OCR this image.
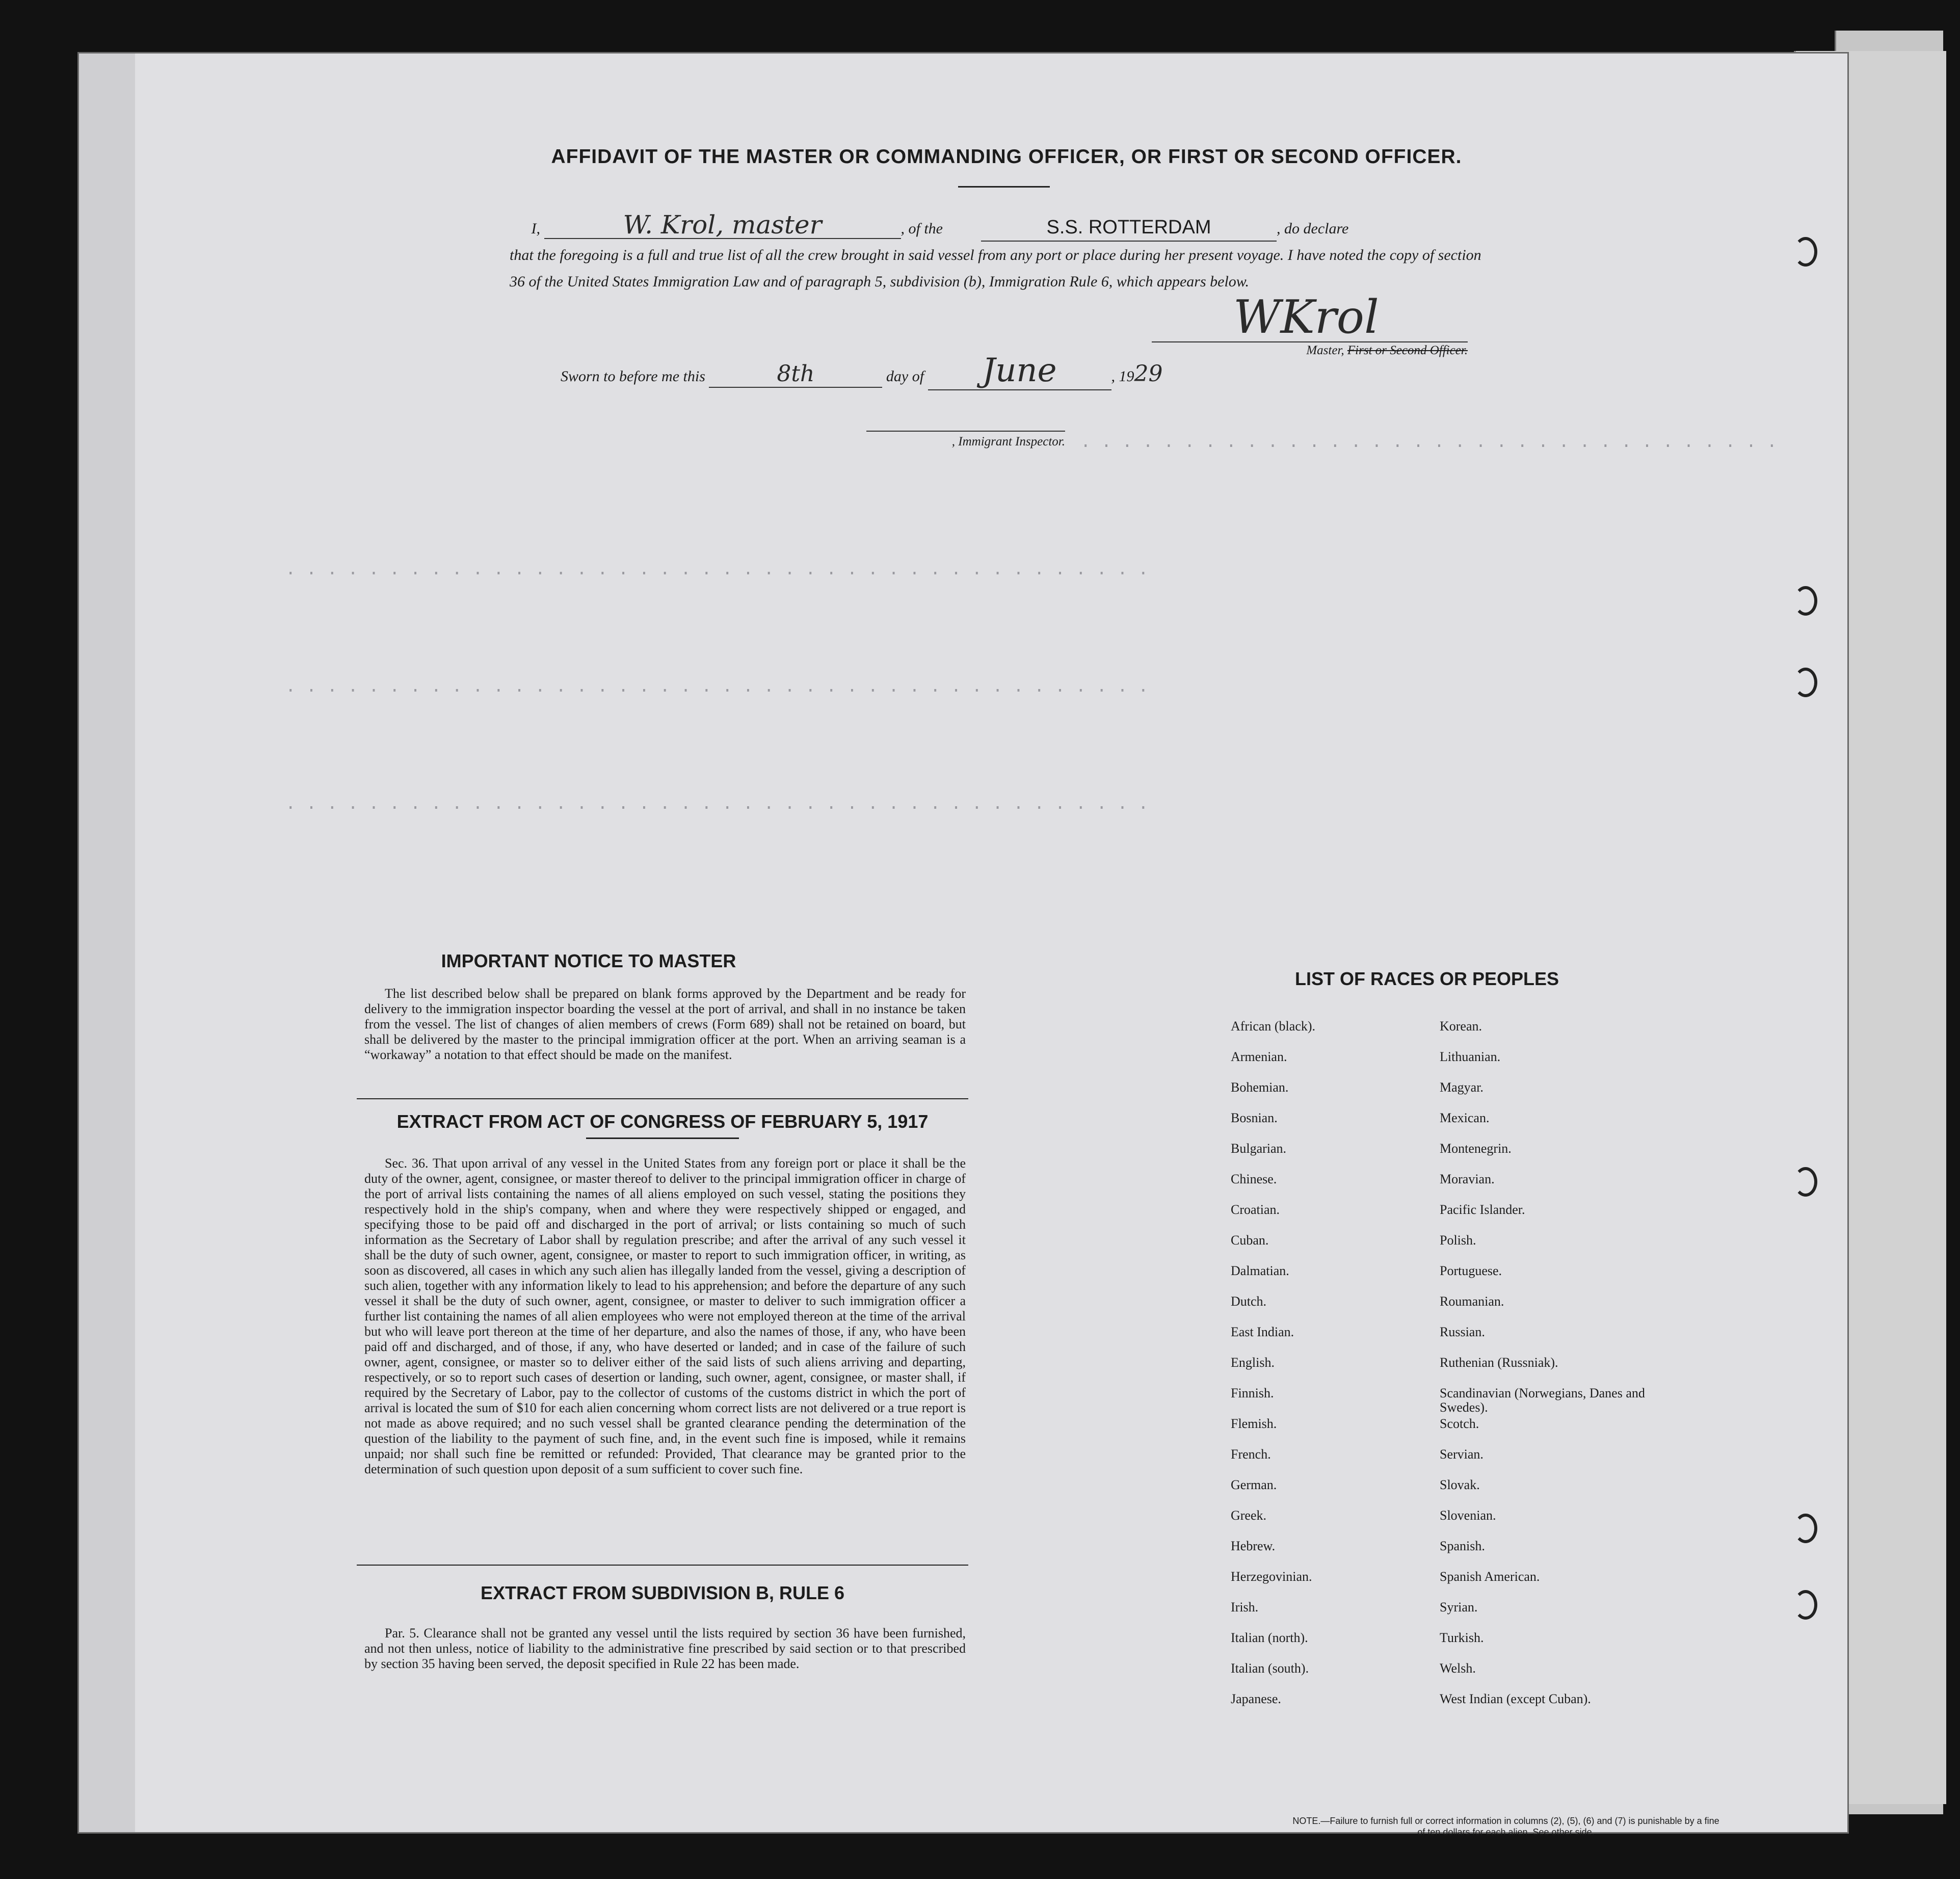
. . . . . . . . . . . . . . . . . . . . . . . . . . . . . . . . . .
. . . . . . . . . . . . . . . . . . . . . . . . . . . . . . . . . . . . . . . . . .
. . . . . . . . . . . . . . . . . . . . . . . . . . . . . . . . . . . . . . . . . .
. . . . . . . . . . . . . . . . . . . . . . . . . . . . . . . . . . . . . . . . . .
AFFIDAVIT OF THE MASTER OR COMMANDING OFFICER, OR FIRST OR SECOND OFFICER.
I,	W. Krol, master	, of the	S.S. ROTTERDAM	, do declare
that the foregoing is a full and true list of all the crew brought in said vessel from any port or place during her present voyage. I have noted the copy of section 36 of the United States Immigration Law and of paragraph 5, subdivision (b), Immigration Rule 6, which appears below.
WKrol
Master, First or Second Officer.
Sworn to before me this	8th	day of June	, 1929
, Immigrant Inspector.
IMPORTANT NOTICE TO MASTER

The list described below shall be prepared on blank forms approved by the Department and be ready for delivery to the immigration inspector boarding the vessel at the port of arrival, and shall in no instance be taken from the vessel. The list of changes of alien members of crews (Form 689) shall not be retained on board, but shall be delivered by the master to the principal immigration officer at the port. When an arriving seaman is a “workaway” a notation to that effect should be made on the manifest.

EXTRACT FROM ACT OF CONGRESS OF FEBRUARY 5, 1917

Sec. 36. That upon arrival of any vessel in the United States from any foreign port or place it shall be the duty of the owner, agent, consignee, or master thereof to deliver to the principal immigration officer in charge of the port of arrival lists containing the names of all aliens employed on such vessel, stating the positions they respectively hold in the ship's company, when and where they were respectively shipped or engaged, and specifying those to be paid off and discharged in the port of arrival; or lists containing so much of such information as the Secretary of Labor shall by regulation prescribe; and after the arrival of any such vessel it shall be the duty of such owner, agent, consignee, or master to report to such immigration officer, in writing, as soon as discovered, all cases in which any such alien has illegally landed from the vessel, giving a description of such alien, together with any information likely to lead to his apprehension; and before the departure of any such vessel it shall be the duty of such owner, agent, consignee, or master to deliver to such immigration officer a further list containing the names of all alien employees who were not employed thereon at the time of the arrival but who will leave port thereon at the time of her departure, and also the names of those, if any, who have been paid off and discharged, and of those, if any, who have deserted or landed; and in case of the failure of such owner, agent, consignee, or master so to deliver either of the said lists of such aliens arriving and departing, respectively, or so to report such cases of desertion or landing, such owner, agent, consignee, or master shall, if required by the Secretary of Labor, pay to the collector of customs of the customs district in which the port of arrival is located the sum of $10 for each alien concerning whom correct lists are not delivered or a true report is not made as above required; and no such vessel shall be granted clearance pending the determination of the question of the liability to the payment of such fine, and, in the event such fine is imposed, while it remains unpaid; nor shall such fine be remitted or refunded: Provided, That clearance may be granted prior to the determination of such question upon deposit of a sum sufficient to cover such fine.

EXTRACT FROM SUBDIVISION B, RULE 6

Par. 5. Clearance shall not be granted any vessel until the lists required by section 36 have been furnished, and not then unless, notice of liability to the administrative fine prescribed by said section or to that prescribed by section 35 having been served, the deposit specified in Rule 22 has been made.

LIST OF RACES OR PEOPLES
African (black).	Korean.
Armenian.	Lithuanian.
Bohemian.	Magyar.
Bosnian.	Mexican.
Bulgarian.	Montenegrin.
Chinese.	Moravian.
Croatian.	Pacific Islander.
Cuban.	Polish.
Dalmatian.	Portuguese.
Dutch.	Roumanian.
East Indian.	Russian.
English.	Ruthenian (Russniak).
Finnish.	Scandinavian (Norwegians, Danes and Swedes).
Flemish.	Scotch.
French.	Servian.
German.	Slovak.
Greek.	Slovenian.
Hebrew.	Spanish.
Herzegovinian.	Spanish American.
Irish.	Syrian.
Italian (north).	Turkish.
Italian (south).	Welsh.
Japanese.	West Indian (except Cuban).
NOTE.—Failure to furnish full or correct information in columns (2), (5), (6) and (7) is punishable by a fine of ten dollars for each alien. See other side.
